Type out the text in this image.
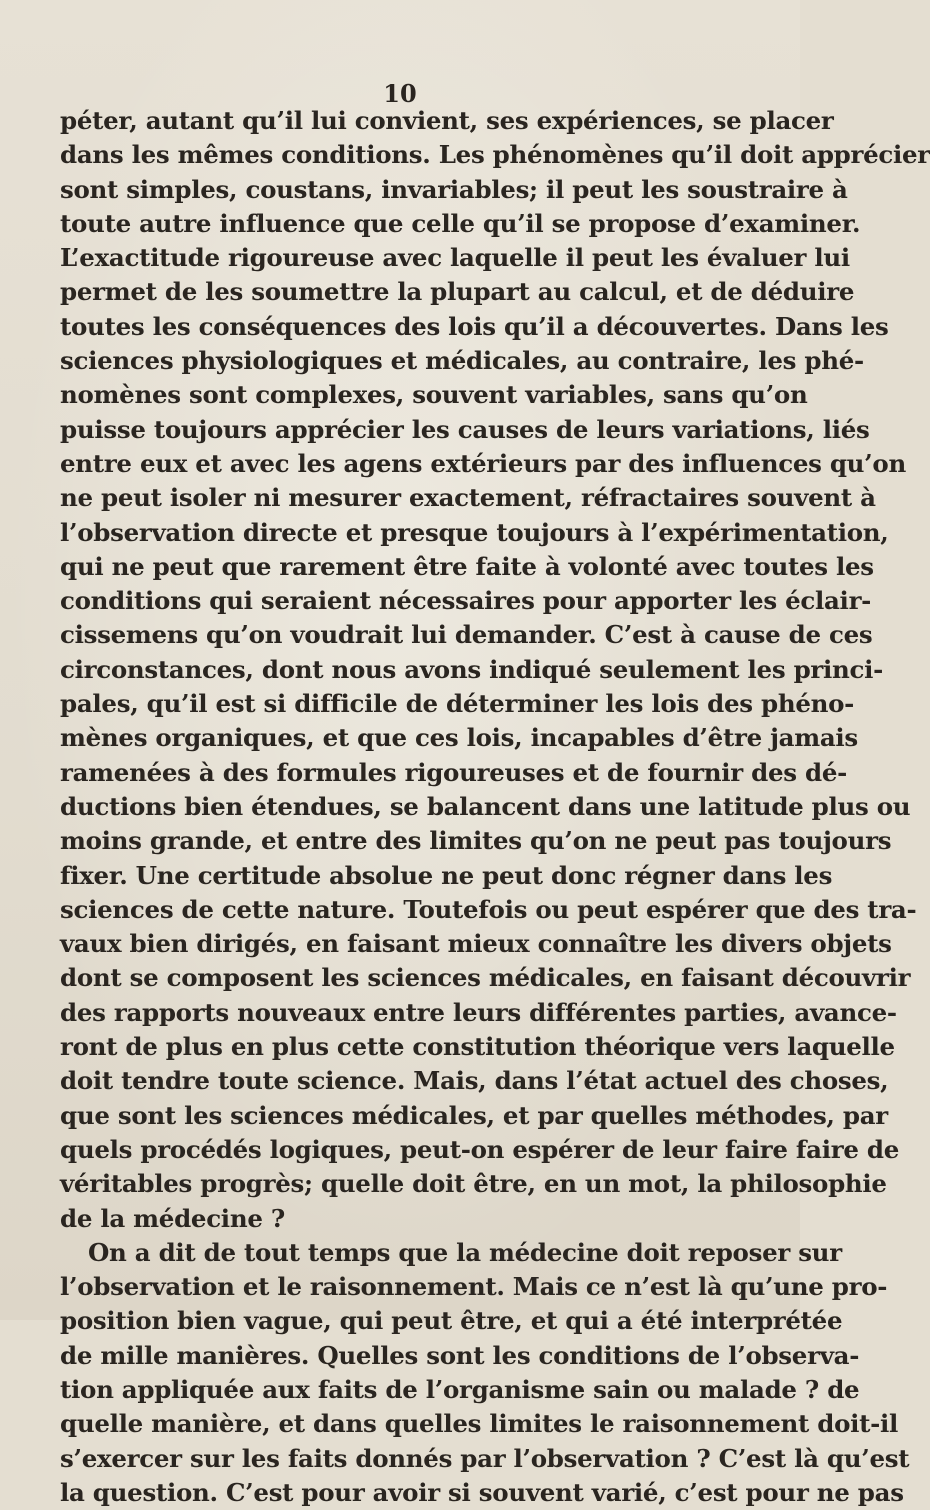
10
péter, autant qu’il lui convient, ses expériences, se placer
dans les mêmes conditions. Les phénomènes qu’il doit apprécier
sont simples, coustans, invariables; il peut les soustraire à
toute autre influence que celle qu’il se propose d’examiner.
L’exactitude rigoureuse avec laquelle il peut les évaluer lui
permet de les soumettre la plupart au calcul, et de déduire
toutes les conséquences des lois qu’il a découvertes. Dans les
sciences physiologiques et médicales, au contraire, les phé-
nomènes sont complexes, souvent variables, sans qu’on
puisse toujours apprécier les causes de leurs variations, liés
entre eux et avec les agens extérieurs par des influences qu’on
ne peut isoler ni mesurer exactement, réfractaires souvent à
l’observation directe et presque toujours à l’expérimentation,
qui ne peut que rarement être faite à volonté avec toutes les
conditions qui seraient nécessaires pour apporter les éclair-
cissemens qu’on voudrait lui demander. C’est à cause de ces
circonstances, dont nous avons indiqué seulement les princi-
pales, qu’il est si difficile de déterminer les lois des phéno-
mènes organiques, et que ces lois, incapables d’être jamais
ramenées à des formules rigoureuses et de fournir des dé-
ductions bien étendues, se balancent dans une latitude plus ou
moins grande, et entre des limites qu’on ne peut pas toujours
fixer. Une certitude absolue ne peut donc régner dans les
sciences de cette nature. Toutefois ou peut espérer que des tra-
vaux bien dirigés, en faisant mieux connaître les divers objets
dont se composent les sciences médicales, en faisant découvrir
des rapports nouveaux entre leurs différentes parties, avance-
ront de plus en plus cette constitution théorique vers laquelle
doit tendre toute science. Mais, dans l’état actuel des choses,
que sont les sciences médicales, et par quelles méthodes, par
quels procédés logiques, peut-on espérer de leur faire faire de
véritables progrès; quelle doit être, en un mot, la philosophie
de la médecine ?
On a dit de tout temps que la médecine doit reposer sur
l’observation et le raisonnement. Mais ce n’est là qu’une pro-
position bien vague, qui peut être, et qui a été interprétée
de mille manières. Quelles sont les conditions de l’observa-
tion appliquée aux faits de l’organisme sain ou malade ? de
quelle manière, et dans quelles limites le raisonnement doit-il
s’exercer sur les faits donnés par l’observation ? C’est là qu’est
la question. C’est pour avoir si souvent varié, c’est pour ne pas
